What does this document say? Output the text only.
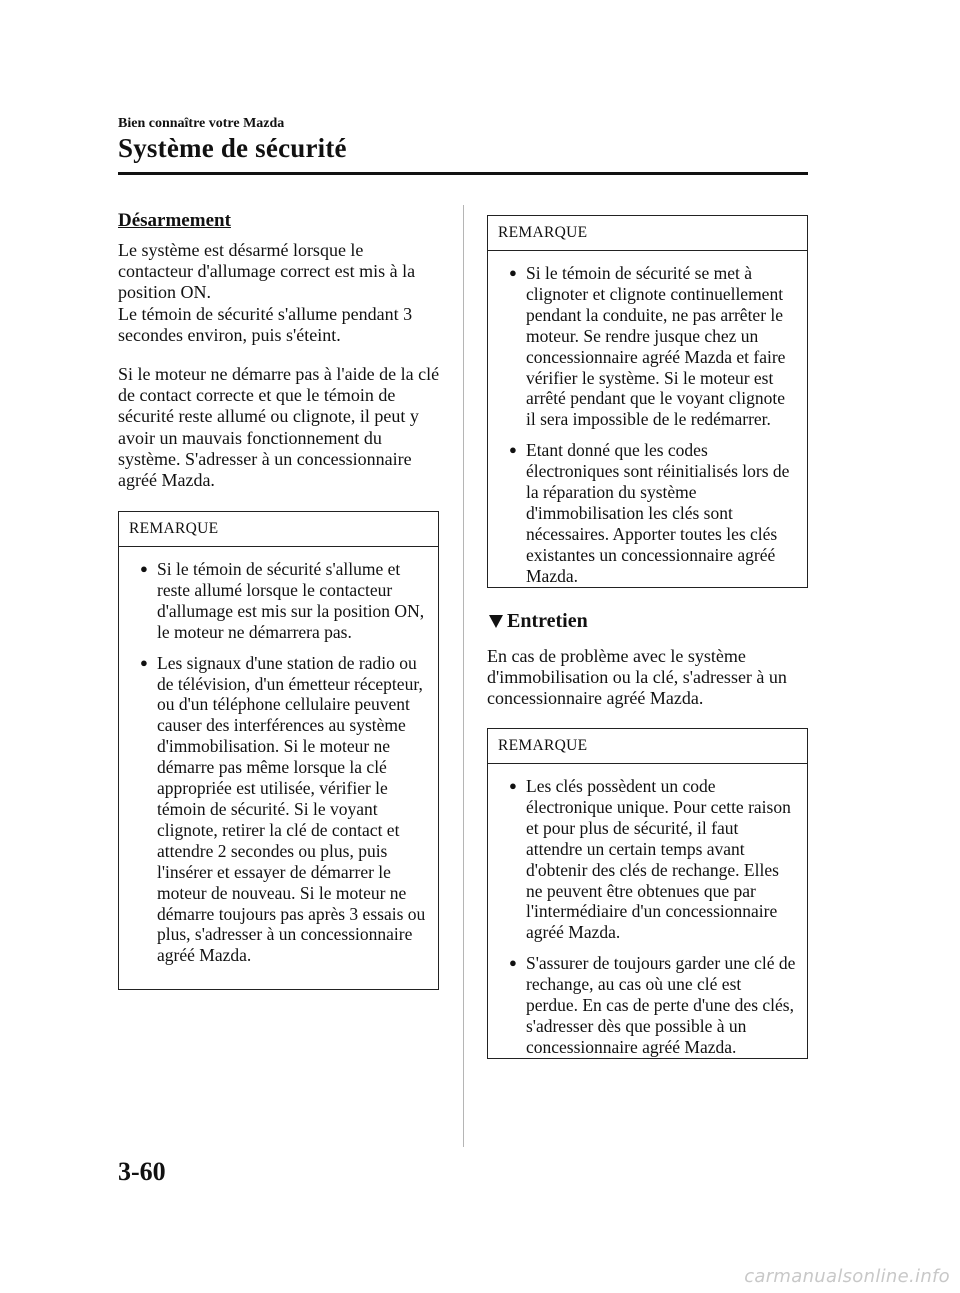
Bien connaître votre Mazda
Système de sécurité
Désarmement

Le système est désarmé lorsque le contacteur d'allumage correct est mis à la position ON.

Le témoin de sécurité s'allume pendant 3 secondes environ, puis s'éteint.

Si le moteur ne démarre pas à l'aide de la clé de contact correcte et que le témoin de sécurité reste allumé ou clignote, il peut y avoir un mauvais fonctionnement du système. S'adresser à un concessionnaire agréé Mazda.

REMARQUE
● Si le témoin de sécurité s'allume et reste allumé lorsque le contacteur d'allumage est mis sur la position ON, le moteur ne démarrera pas.
● Les signaux d'une station de radio ou de télévision, d'un émetteur récepteur, ou d'un téléphone cellulaire peuvent causer des interférences au système d'immobilisation. Si le moteur ne démarre pas même lorsque la clé appropriée est utilisée, vérifier le témoin de sécurité. Si le voyant clignote, retirer la clé de contact et attendre 2 secondes ou plus, puis l'insérer et essayer de démarrer le moteur de nouveau. Si le moteur ne démarre toujours pas après 3 essais ou plus, s'adresser à un concessionnaire agréé Mazda.
REMARQUE
● Si le témoin de sécurité se met à clignoter et clignote continuellement pendant la conduite, ne pas arrêter le moteur. Se rendre jusque chez un concessionnaire agréé Mazda et faire vérifier le système. Si le moteur est arrêté pendant que le voyant clignote il sera impossible de le redémarrer.
● Etant donné que les codes électroniques sont réinitialisés lors de la réparation du système d'immobilisation les clés sont nécessaires. Apporter toutes les clés existantes un concessionnaire agréé Mazda.
Entretien

En cas de problème avec le système d'immobilisation ou la clé, s'adresser à un concessionnaire agréé Mazda.

REMARQUE
● Les clés possèdent un code électronique unique. Pour cette raison et pour plus de sécurité, il faut attendre un certain temps avant d'obtenir des clés de rechange. Elles ne peuvent être obtenues que par l'intermédiaire d'un concessionnaire agréé Mazda.
● S'assurer de toujours garder une clé de rechange, au cas où une clé est perdue. En cas de perte d'une des clés, s'adresser dès que possible à un concessionnaire agréé Mazda.
3-60
carmanualsonline.info
